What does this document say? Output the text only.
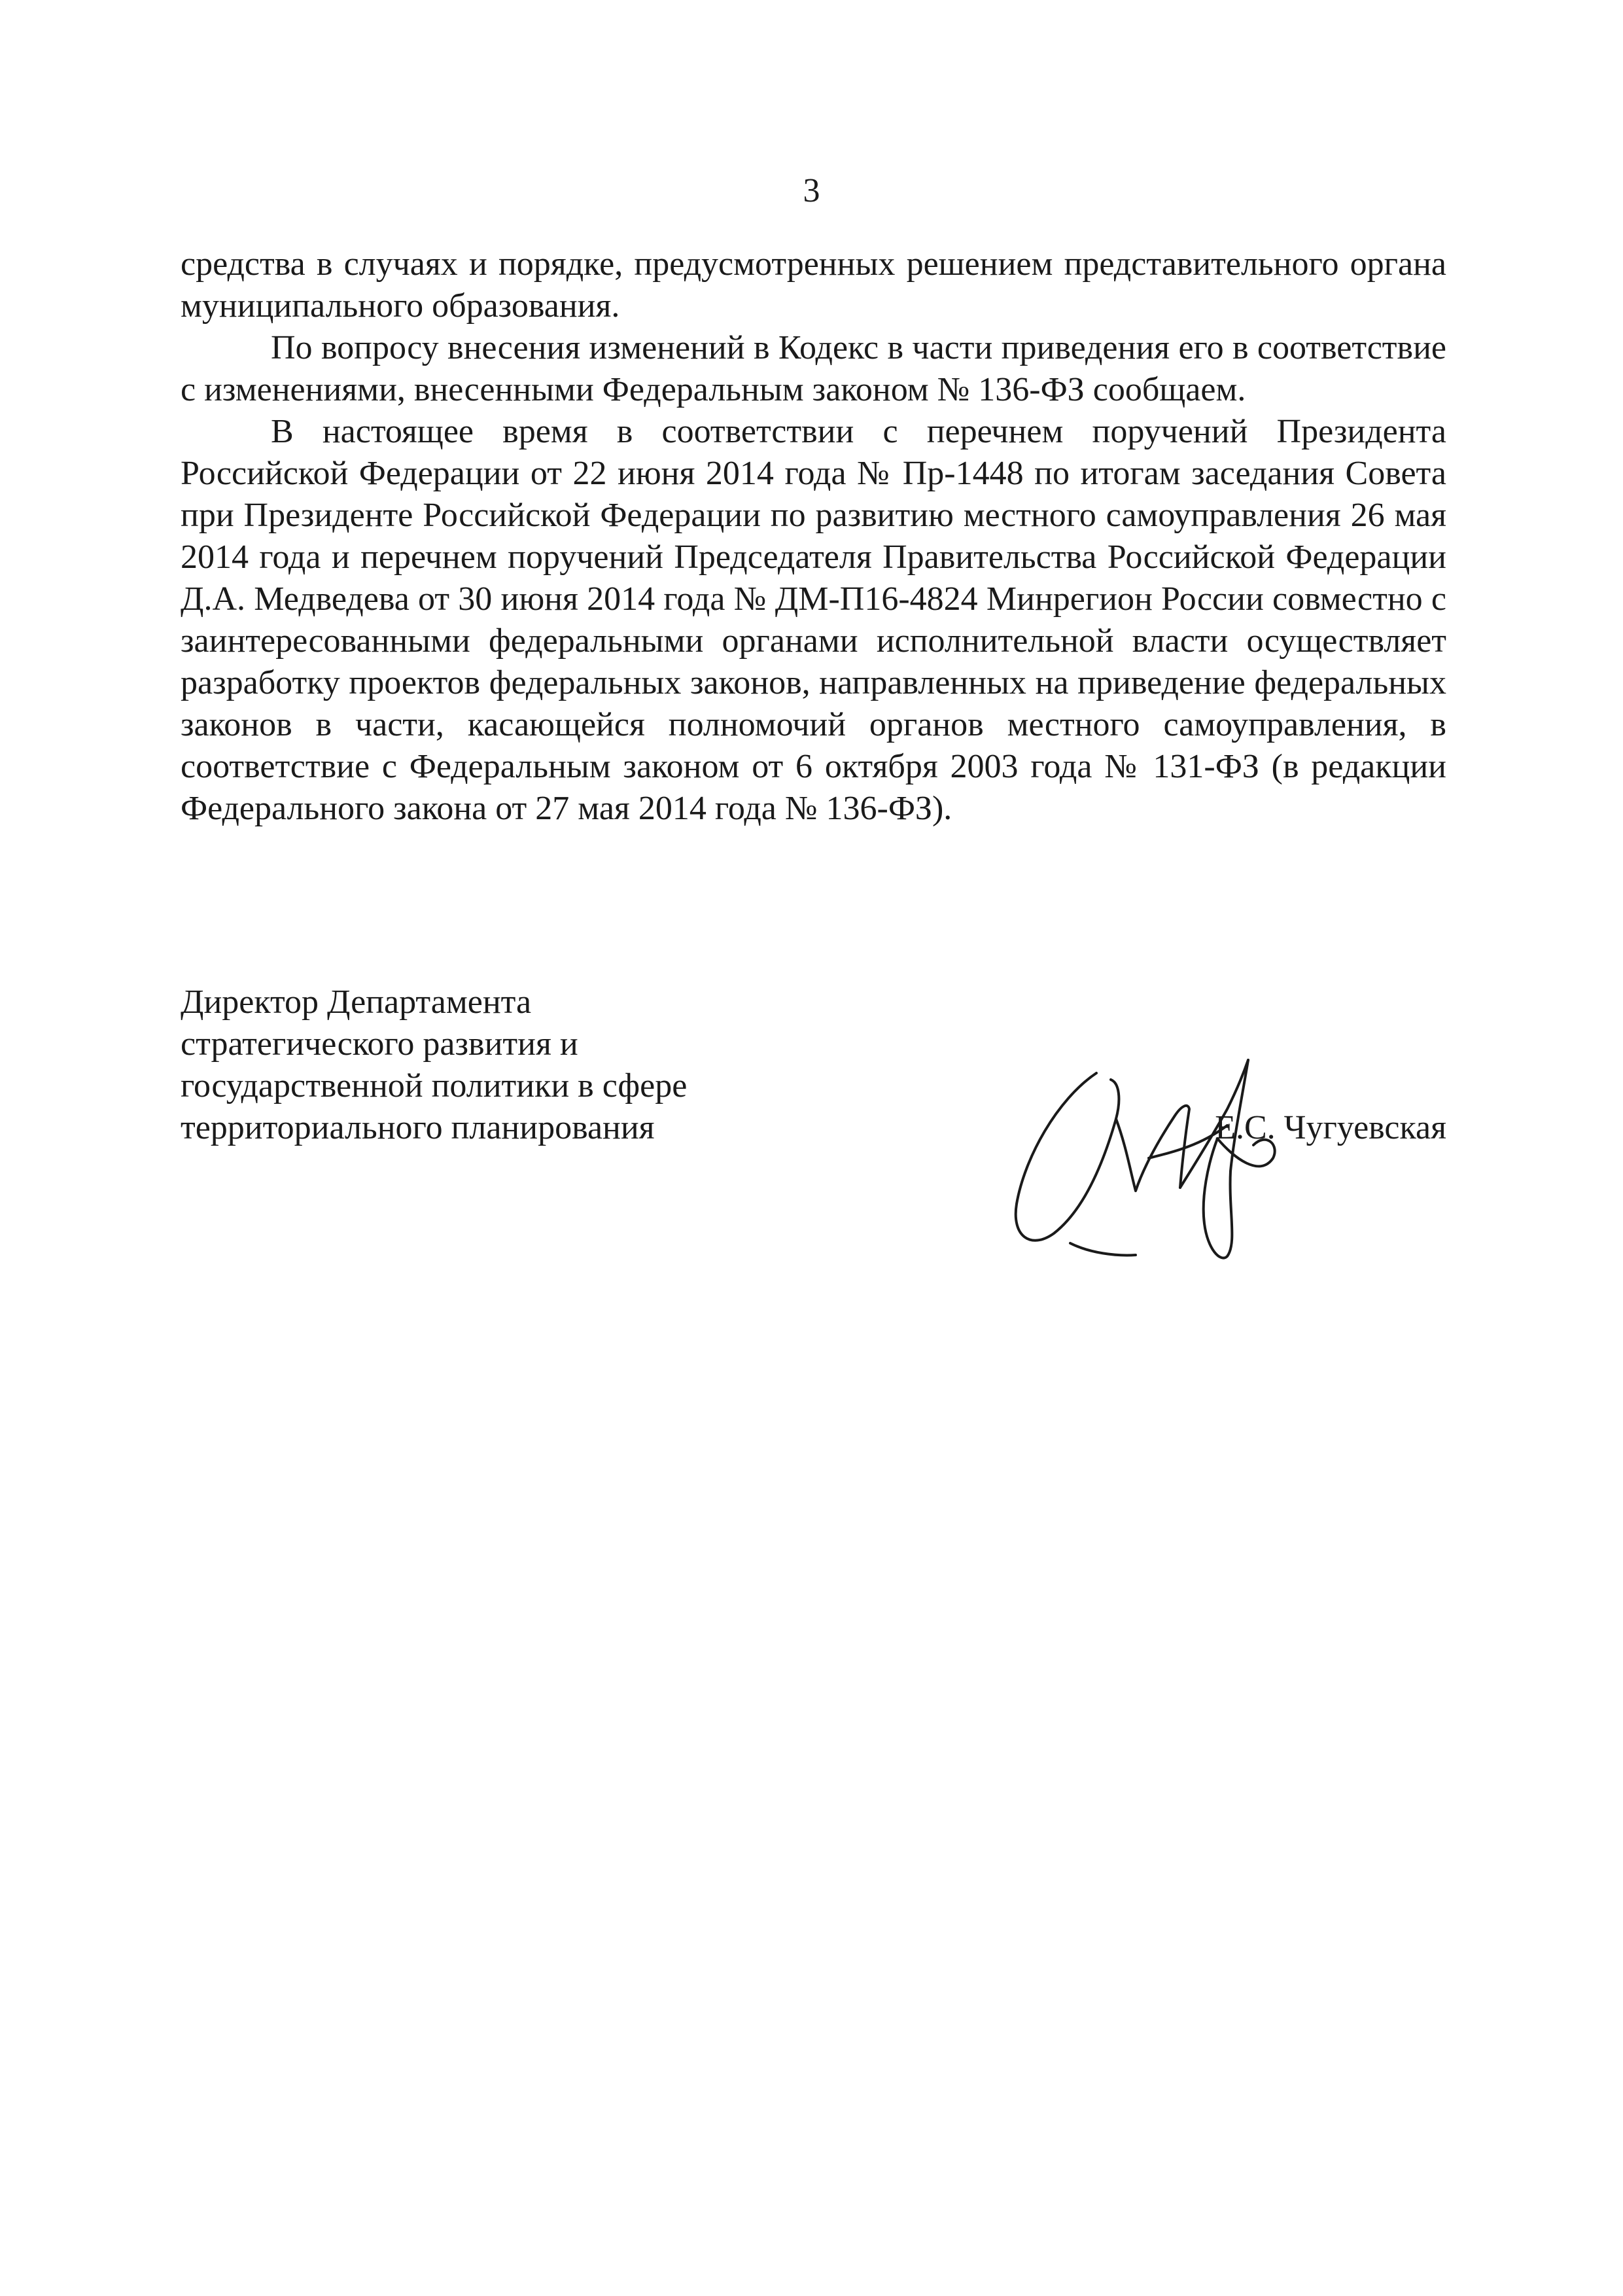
3

средства в случаях и порядке, предусмотренных решением представительного органа муниципального образования.

По вопросу внесения изменений в Кодекс в части приведения его в соответствие с изменениями, внесенными Федеральным законом № 136-ФЗ сообщаем.

В настоящее время в соответствии с перечнем поручений Президента Российской Федерации от 22 июня 2014 года № Пр-1448 по итогам заседания Совета при Президенте Российской Федерации по развитию местного самоуправления 26 мая 2014 года и перечнем поручений Председателя Правительства Российской Федерации Д.А. Медведева от 30 июня 2014 года № ДМ-П16-4824 Минрегион России совместно с заинтересованными федеральными органами исполнительной власти осуществляет разработку проектов федеральных законов, направленных на приведение федеральных законов в части, касающейся полномочий органов местного самоуправления, в соответствие с Федеральным законом от 6 октября 2003 года № 131-ФЗ (в редакции Федерального закона от 27 мая 2014 года № 136-ФЗ).

Директор Департамента
стратегического развития и
государственной политики в сфере
территориального планирования	Е.С. Чугуевская
